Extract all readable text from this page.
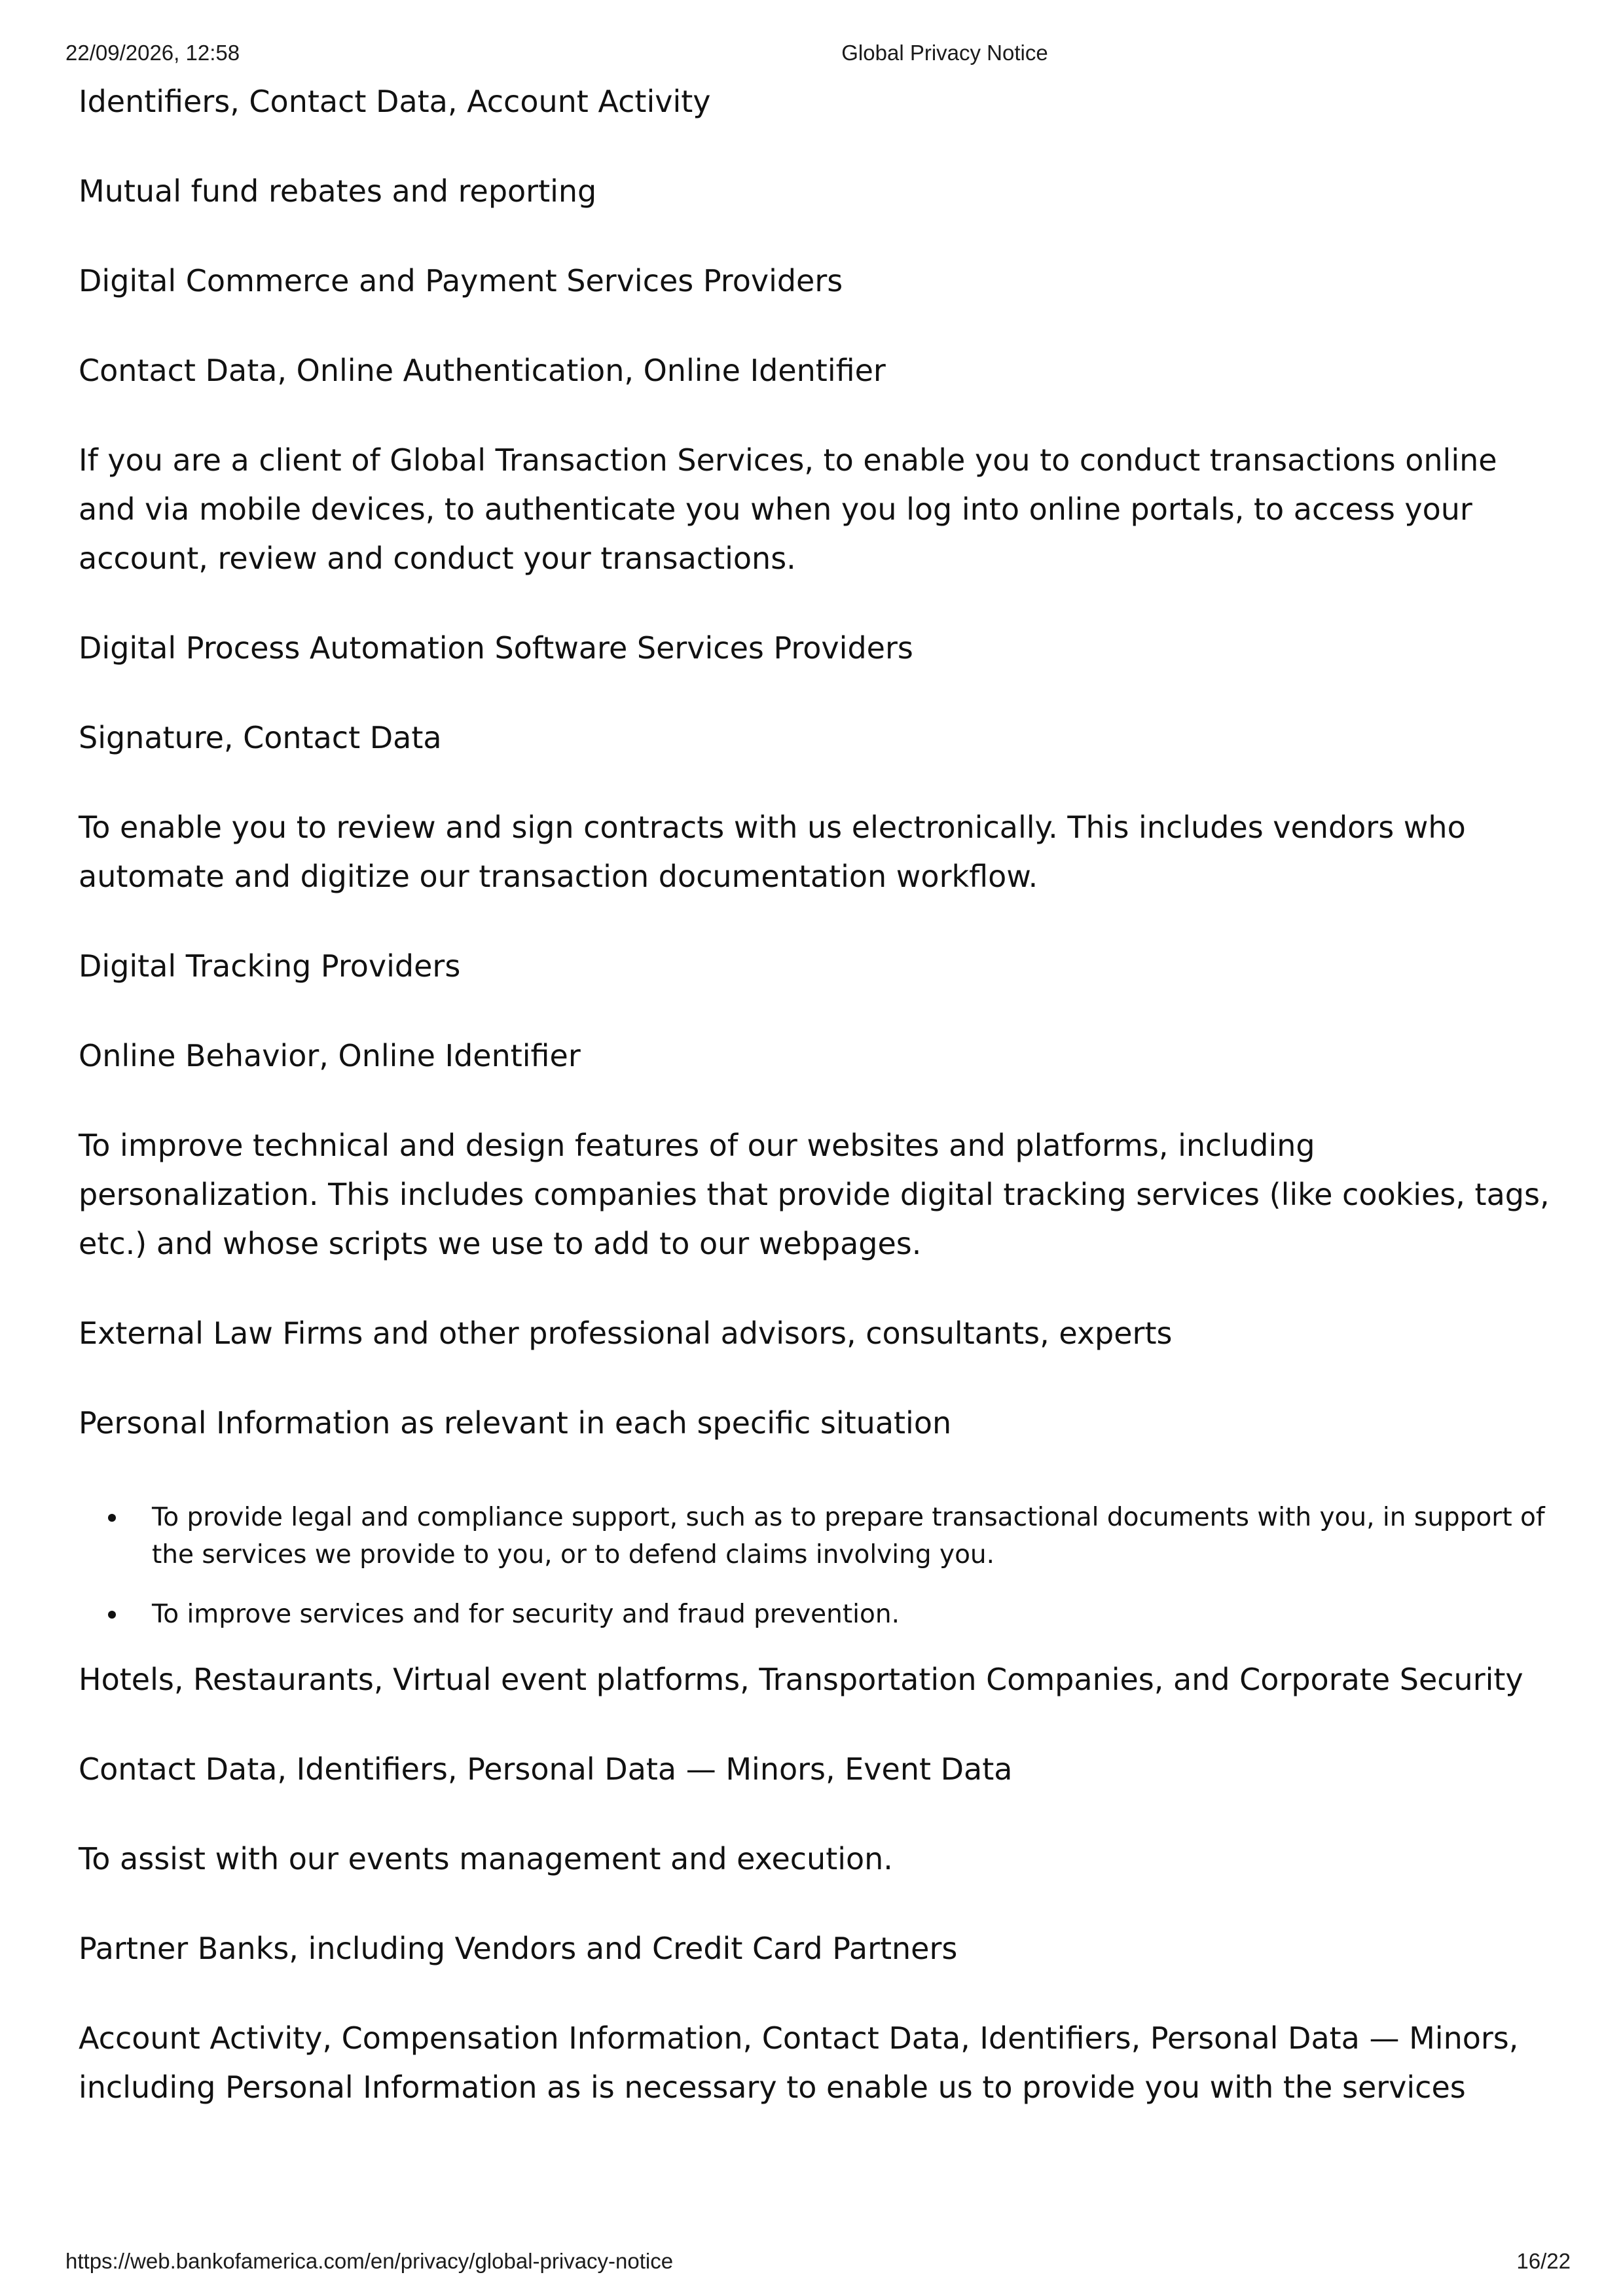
22/09/2026, 12:58	Global Privacy Notice

Identifiers, Contact Data, Account Activity

Mutual fund rebates and reporting

Digital Commerce and Payment Services Providers

Contact Data, Online Authentication, Online Identifier

If you are a client of Global Transaction Services, to enable you to conduct transactions online and via mobile devices, to authenticate you when you log into online portals, to access your account, review and conduct your transactions.

Digital Process Automation Software Services Providers

Signature, Contact Data

To enable you to review and sign contracts with us electronically. This includes vendors who automate and digitize our transaction documentation workflow.

Digital Tracking Providers

Online Behavior, Online Identifier

To improve technical and design features of our websites and platforms, including personalization. This includes companies that provide digital tracking services (like cookies, tags, etc.) and whose scripts we use to add to our webpages.

External Law Firms and other professional advisors, consultants, experts

Personal Information as relevant in each specific situation

To provide legal and compliance support, such as to prepare transactional documents with you, in support of the services we provide to you, or to defend claims involving you.
To improve services and for security and fraud prevention.

Hotels, Restaurants, Virtual event platforms, Transportation Companies, and Corporate Security

Contact Data, Identifiers, Personal Data — Minors, Event Data

To assist with our events management and execution.

Partner Banks, including Vendors and Credit Card Partners

Account Activity, Compensation Information, Contact Data, Identifiers, Personal Data — Minors, including Personal Information as is necessary to enable us to provide you with the services

https://web.bankofamerica.com/en/privacy/global-privacy-notice	16/22
